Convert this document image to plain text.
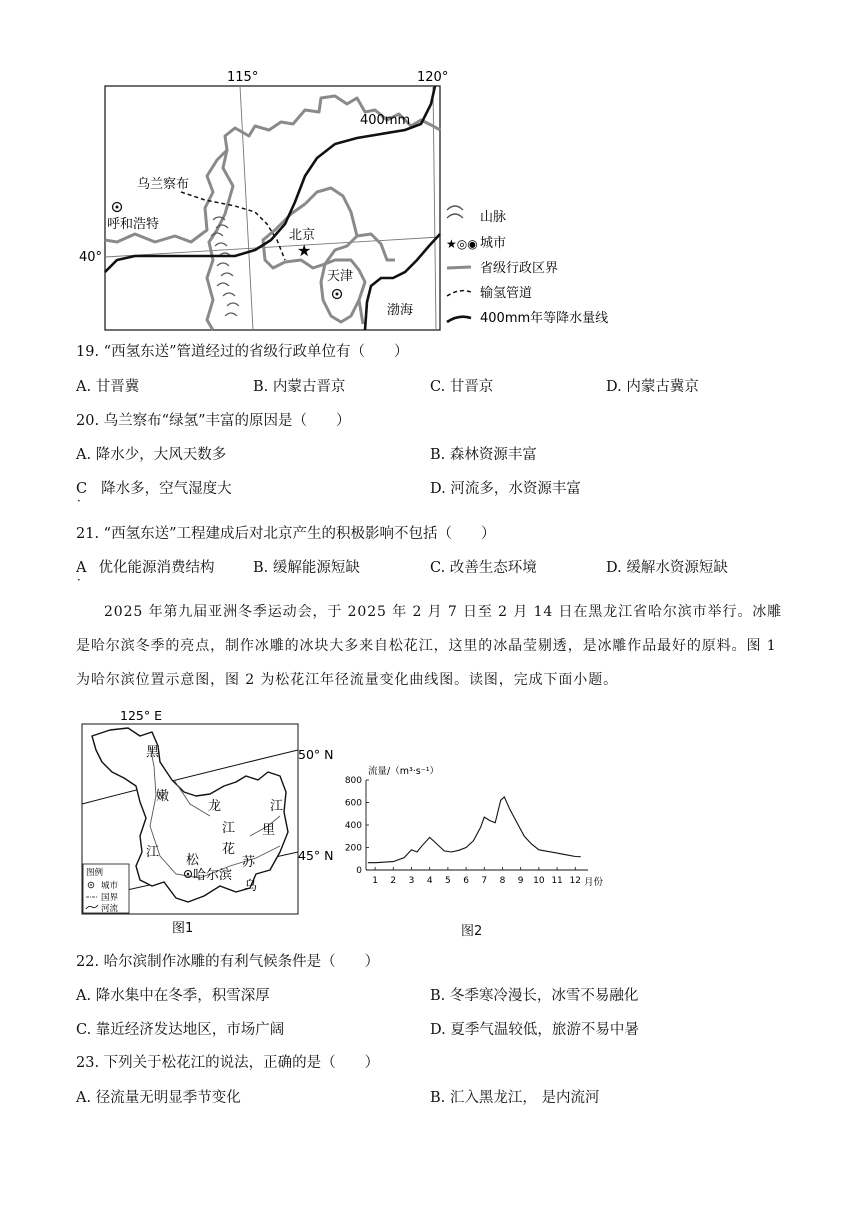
115°	120°
40°
400mm
乌兰察布
呼和浩特
北京
★
天津
渤海
山脉
★◎◉ 城市
省级行政区界
输氢管道
400mm年等降水量线
19. “西氢东送”管道经过的省级行政单位有（　　）
A. 甘晋冀	B. 内蒙古晋京	C. 甘晋京	D. 内蒙古冀京
20. 乌兰察布“绿氢”丰富的原因是（　　）
A. 降水少，大风天数多	B. 森林资源丰富
C 降水多，空气湿度大
·
D. 河流多，水资源丰富
21. “西氢东送”工程建成后对北京产生的积极影响不包括（　　）
A 优化能源消费结构
·
B. 缓解能源短缺	C. 改善生态环境	D. 缓解水资源短缺
2025 年第九届亚洲冬季运动会，于 2025 年 2 月 7 日至 2 月 14 日在黑龙江省哈尔滨市举行。冰雕是哈尔滨冬季的亮点，制作冰雕的冰块大多来自松花江，这里的冰晶莹剔透，是冰雕作品最好的原料。图 1 为哈尔滨位置示意图，图 2 为松花江年径流量变化曲线图。读图，完成下面小题。
125° E
50° N
45° N
黑
嫩
龙	江
江 里
花
江
松	苏
哈尔滨
乌
图例
城市
国界
河流
图1
流量/（m³·s⁻¹）
月份
0
200
400
600
800
1 2 3 4 5 6 7 8 9 10 11 12
图2
22. 哈尔滨制作冰雕的有利气候条件是（　　）
A. 降水集中在冬季，积雪深厚	B. 冬季寒冷漫长，冰雪不易融化
C. 靠近经济发达地区，市场广阔	D. 夏季气温较低，旅游不易中暑
23. 下列关于松花江的说法，正确的是（　　）
A. 径流量无明显季节变化	B. 汇入黑龙江， 是内流河
